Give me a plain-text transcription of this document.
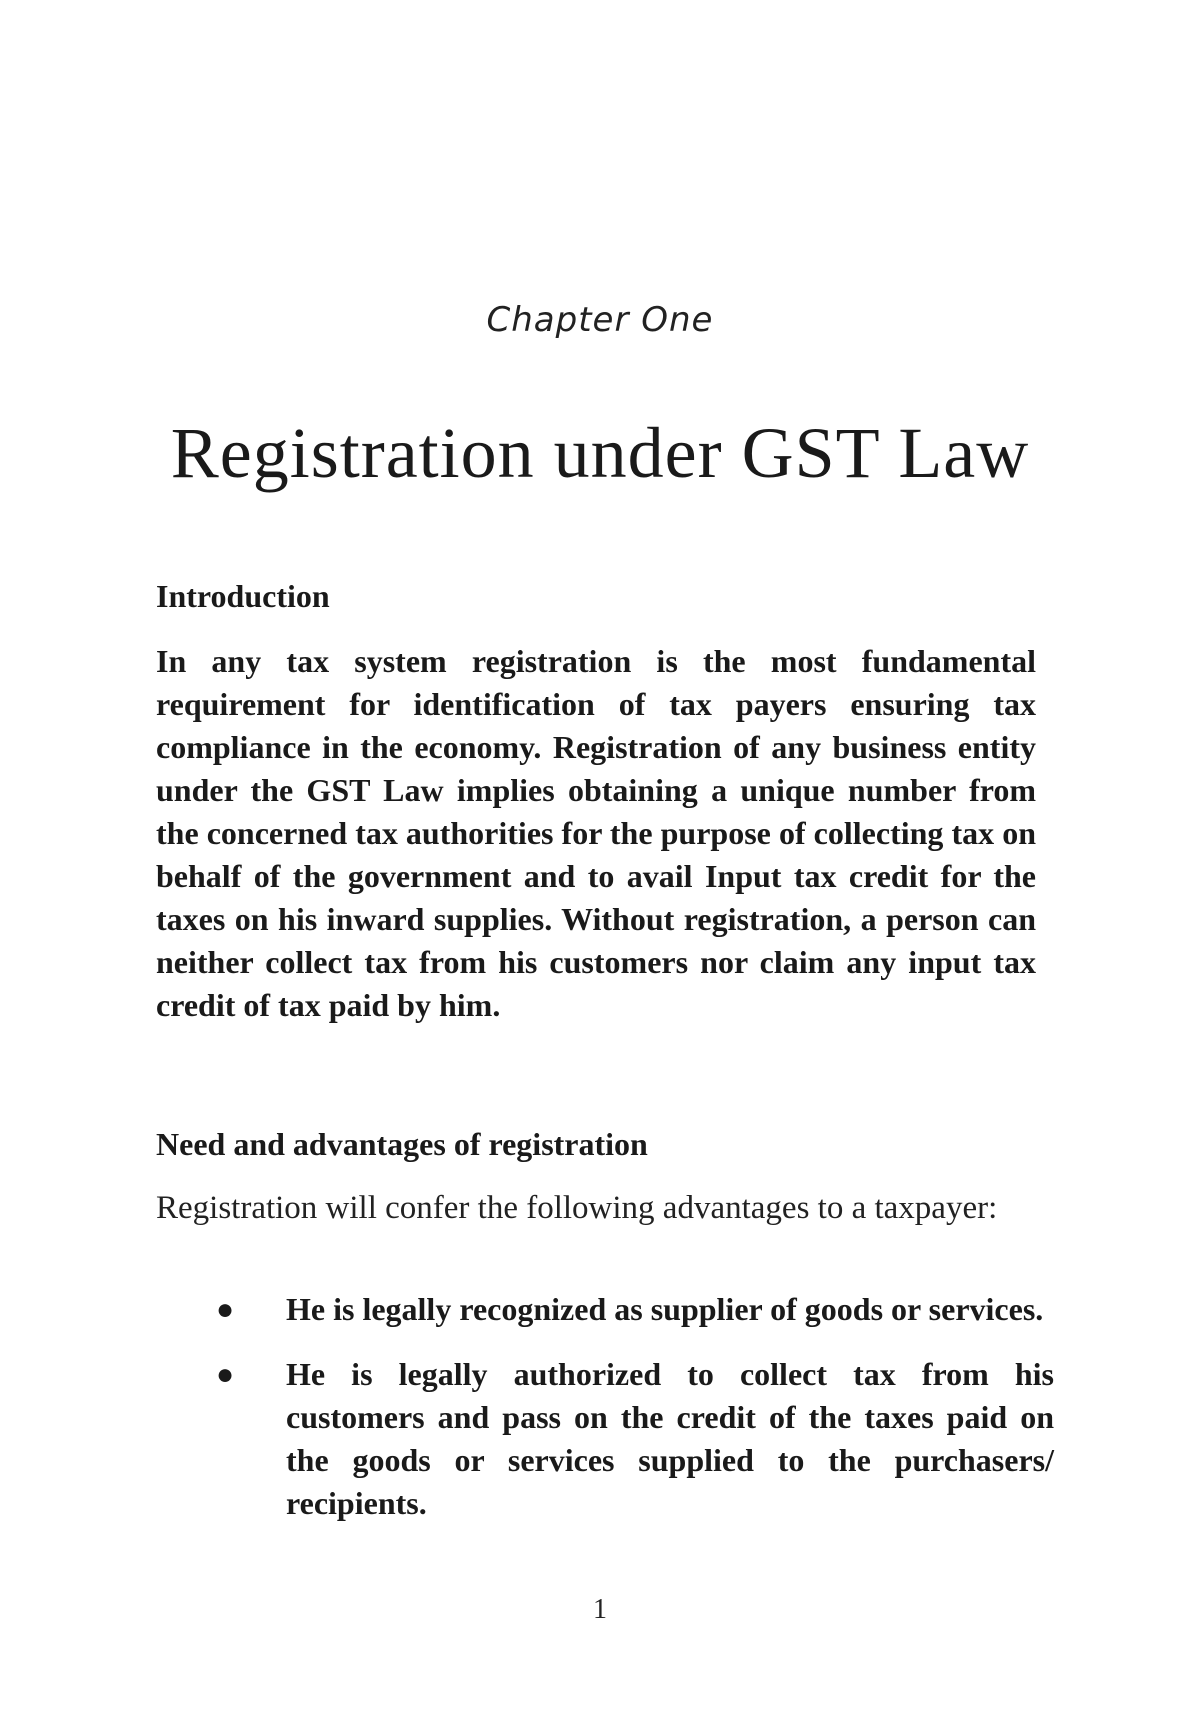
Chapter One
Registration under GST Law
Introduction

In any tax system registration is the most fundamental requirement for identification of tax payers ensuring tax compliance in the economy. Registration of any business entity under the GST Law implies obtaining a unique number from the concerned tax authorities for the purpose of collecting tax on behalf of the government and to avail Input tax credit for the taxes on his inward supplies. Without registration, a person can neither collect tax from his customers nor claim any input tax credit of tax paid by him.

Need and advantages of registration

Registration will confer the following advantages to a taxpayer:

● He is legally recognized as supplier of goods or services.
● He is legally authorized to collect tax from his customers and pass on the credit of the taxes paid on the goods or services supplied to the purchasers/ recipients.
1
